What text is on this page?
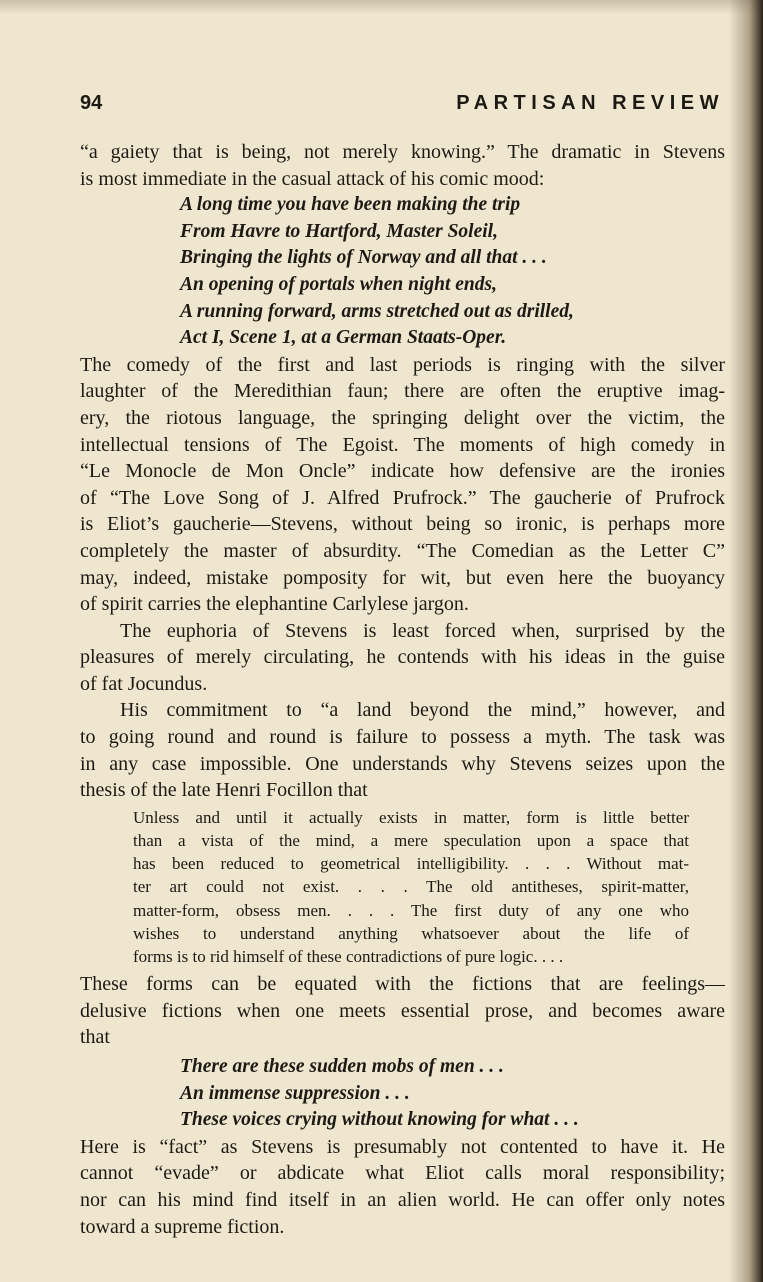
94	PARTISAN REVIEW
“a gaiety that is being, not merely knowing.” The dramatic in Stevens
is most immediate in the casual attack of his comic mood:
A long time you have been making the trip
From Havre to Hartford, Master Soleil,
Bringing the lights of Norway and all that . . .
An opening of portals when night ends,
A running forward, arms stretched out as drilled,
Act I, Scene 1, at a German Staats-Oper.
The comedy of the first and last periods is ringing with the silver
laughter of the Meredithian faun; there are often the eruptive imag-
ery, the riotous language, the springing delight over the victim, the
intellectual tensions of The Egoist. The moments of high comedy in
“Le Monocle de Mon Oncle” indicate how defensive are the ironies
of “The Love Song of J. Alfred Prufrock.” The gaucherie of Prufrock
is Eliot’s gaucherie—Stevens, without being so ironic, is perhaps more
completely the master of absurdity. “The Comedian as the Letter C”
may, indeed, mistake pomposity for wit, but even here the buoyancy
of spirit carries the elephantine Carlylese jargon.
The euphoria of Stevens is least forced when, surprised by the
pleasures of merely circulating, he contends with his ideas in the guise
of fat Jocundus.
His commitment to “a land beyond the mind,” however, and
to going round and round is failure to possess a myth. The task was
in any case impossible. One understands why Stevens seizes upon the
thesis of the late Henri Focillon that
Unless and until it actually exists in matter, form is little better
than a vista of the mind, a mere speculation upon a space that
has been reduced to geometrical intelligibility. . . . Without mat-
ter art could not exist. . . . The old antitheses, spirit-matter,
matter-form, obsess men. . . . The first duty of any one who
wishes to understand anything whatsoever about the life of
forms is to rid himself of these contradictions of pure logic. . . .
These forms can be equated with the fictions that are feelings—
delusive fictions when one meets essential prose, and becomes aware
that
There are these sudden mobs of men . . .
An immense suppression . . .
These voices crying without knowing for what . . .
Here is “fact” as Stevens is presumably not contented to have it. He
cannot “evade” or abdicate what Eliot calls moral responsibility;
nor can his mind find itself in an alien world. He can offer only notes
toward a supreme fiction.
